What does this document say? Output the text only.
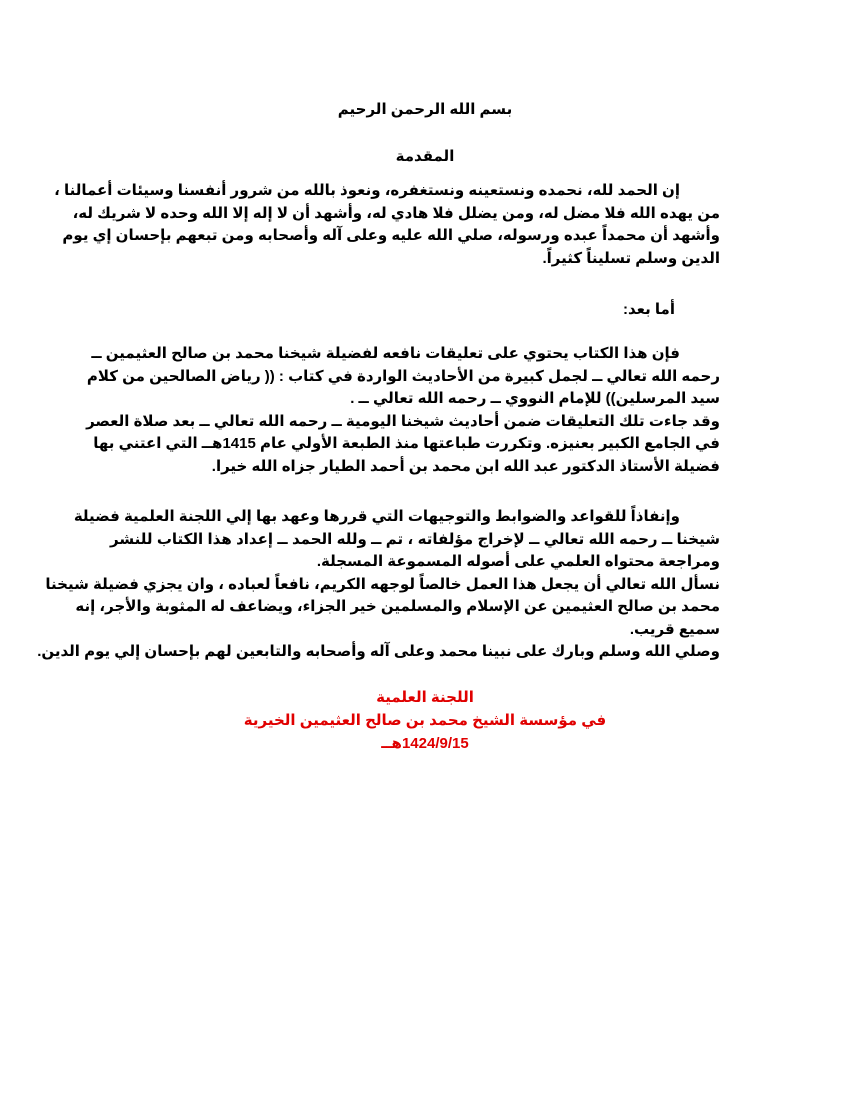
بسم الله الرحمن الرحيم
المقدمة
إن الحمد لله، نحمده ونستعينه ونستغفره، ونعوذ بالله من شرور أنفسنا وسيئات أعمالنا ،
من يهده الله فلا مضل له، ومن يضلل فلا هادي له، وأشهد أن لا إله إلا الله وحده لا شريك له،
وأشهد أن محمداً عبده ورسوله، صلي الله عليه وعلى آله وأصحابه ومن تبعهم بإحسان إي يوم
الدين وسلم تسليناً كثيراً.
أما بعد:
فإن هذا الكتاب يحتوي على تعليقات نافعه لفضيلة شيخنا محمد بن صالح العثيمين ــ
رحمه الله تعالي ــ لجمل كبيرة من الأحاديث الواردة في كتاب : (( رياض الصالحين من كلام
سيد المرسلين)) للإمام النووي ــ رحمه الله تعالي ــ .
وقد جاءت تلك التعليقات ضمن أحاديث شيخنا اليومية ــ رحمه الله تعالي ــ بعد صلاة العصر
في الجامع الكبير بعنيزه. وتكررت طباعتها منذ الطبعة الأولي عام 1415هــ التي اعتني بها
فضيلة الأستاذ الدكتور عبد الله ابن محمد بن أحمد الطيار جزاه الله خيرا.
وإنفاذاً للقواعد والضوابط والتوجيهات التي قررها وعهد بها إلي اللجنة العلمية فضيلة
شيخنا ــ رحمه الله تعالي ــ لإخراج مؤلفاته ، تم ــ ولله الحمد ــ إعداد هذا الكتاب للنشر
ومراجعة محتواه العلمي على أصوله المسموعة المسجلة.
نسأل الله تعالي أن يجعل هذا العمل خالصاً لوجهه الكريم، نافعاً لعباده ، وان يجزي فضيلة شيخنا
محمد بن صالح العثيمين عن الإسلام والمسلمين خير الجزاء، ويضاعف له المثوبة والأجر، إنه
سميع قريب.
وصلي الله وسلم وبارك على نبينا محمد وعلى آله وأصحابه والتابعين لهم بإحسان إلي يوم الدين.
اللجنة العلمية
في مؤسسة الشيخ محمد بن صالح العثيمين الخيرية
1424/9/15هــ
